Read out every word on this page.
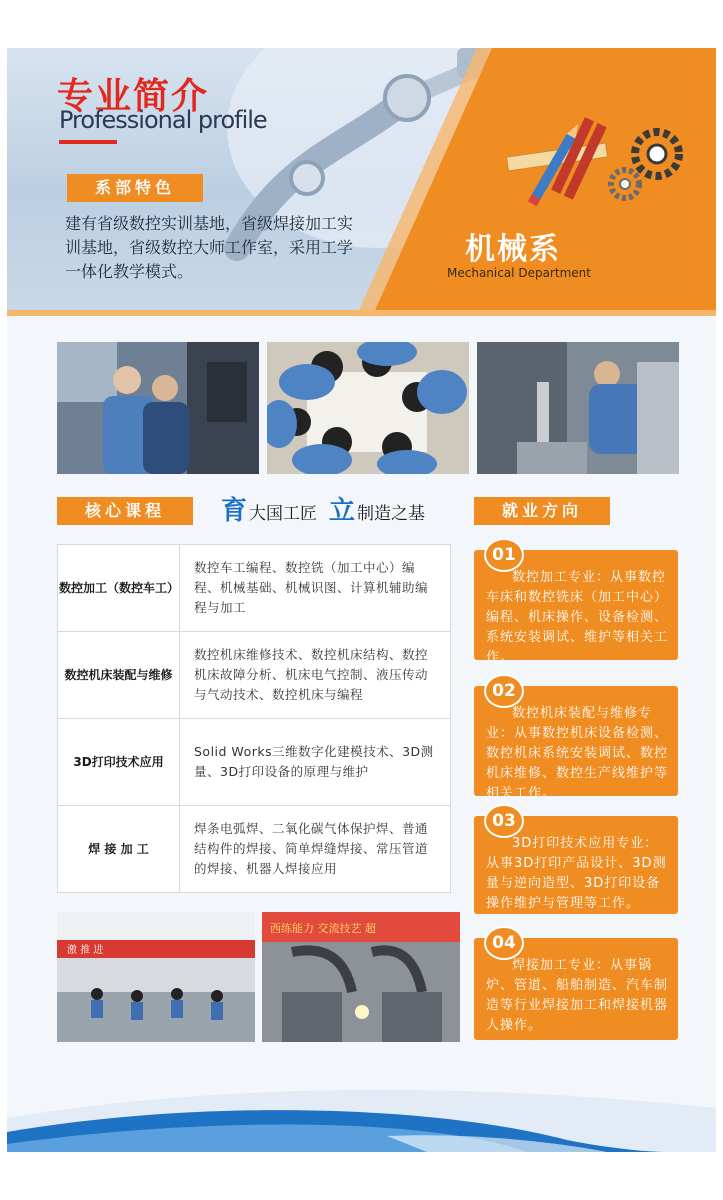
专业简介
Professional profile
系部特色
建有省级数控实训基地，省级焊接加工实训基地，省级数控大师工作室，采用工学一体化教学模式。
机械系
Mechanical Department
核心课程	育大国工匠 立制造之基	就业方向
数控加工（数控车工）	数控车工编程、数控铣（加工中心）编程、机械基础、机械识图、计算机辅助编程与加工
数控机床装配与维修	数控机床维修技术、数控机床结构、数控机床故障分析、机床电气控制、液压传动与气动技术、数控机床与编程
3D打印技术应用	Solid Works三维数字化建模技术、3D测量、3D打印设备的原理与维护
焊 接 加 工	焊条电弧焊、二氧化碳气体保护焊、普通结构件的焊接、简单焊缝焊接、常压管道的焊接、机器人焊接应用
01
数控加工专业：从事数控车床和数控铣床（加工中心）编程、机床操作、设备检测、系统安装调试、维护等相关工作。
02
数控机床装配与维修专业：从事数控机床设备检测、数控机床系统安装调试、数控机床维修、数控生产线维护等相关工作。
03
3D打印技术应用专业：从事3D打印产品设计、3D测量与逆向造型、3D打印设备操作维护与管理等工作。
04
焊接加工专业：从事锅炉、管道、船舶制造、汽车制造等行业焊接加工和焊接机器人操作。
激 推 进
西练能力 交流技艺 超
